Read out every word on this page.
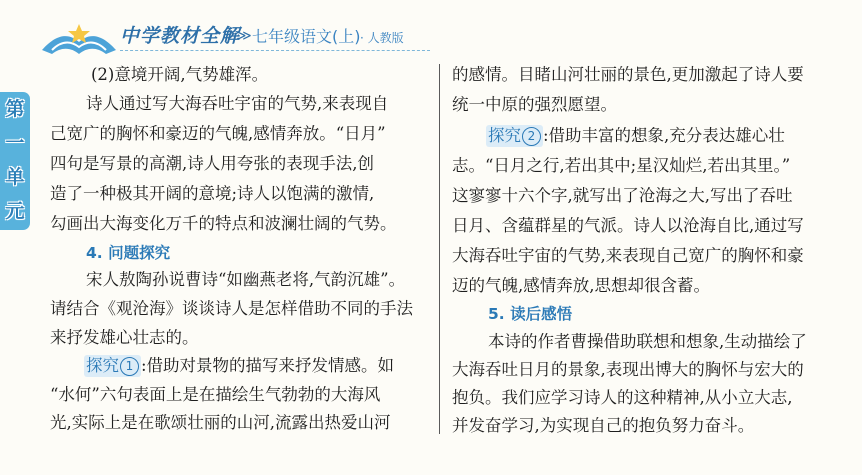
中学教材全解
≫ 七年级语文(上) · 人教版
第
一
单
元
(2)意境开阔,气势雄浑。
诗人通过写大海吞吐宇宙的气势,来表现自
己宽广的胸怀和豪迈的气魄,感情奔放。“日月”
四句是写景的高潮,诗人用夸张的表现手法,创
造了一种极其开阔的意境;诗人以饱满的激情,
勾画出大海变化万千的特点和波澜壮阔的气势。
4. 问题探究
宋人敖陶孙说曹诗“如幽燕老将,气韵沉雄”。
请结合《观沧海》谈谈诗人是怎样借助不同的手法
来抒发雄心壮志的。
探究 1 :借助对景物的描写来抒发情感。如
“水何”六句表面上是在描绘生气勃勃的大海风
光,实际上是在歌颂壮丽的山河,流露出热爱山河
的感情。目睹山河壮丽的景色,更加激起了诗人要
统一中原的强烈愿望。
探究 2 :借助丰富的想象,充分表达雄心壮
志。“日月之行,若出其中;星汉灿烂,若出其里。”
这寥寥十六个字,就写出了沧海之大,写出了吞吐
日月、含蕴群星的气派。诗人以沧海自比,通过写
大海吞吐宇宙的气势,来表现自己宽广的胸怀和豪
迈的气魄,感情奔放,思想却很含蓄。
5. 读后感悟
本诗的作者曹操借助联想和想象,生动描绘了
大海吞吐日月的景象,表现出博大的胸怀与宏大的
抱负。我们应学习诗人的这种精神,从小立大志,
并发奋学习,为实现自己的抱负努力奋斗。
